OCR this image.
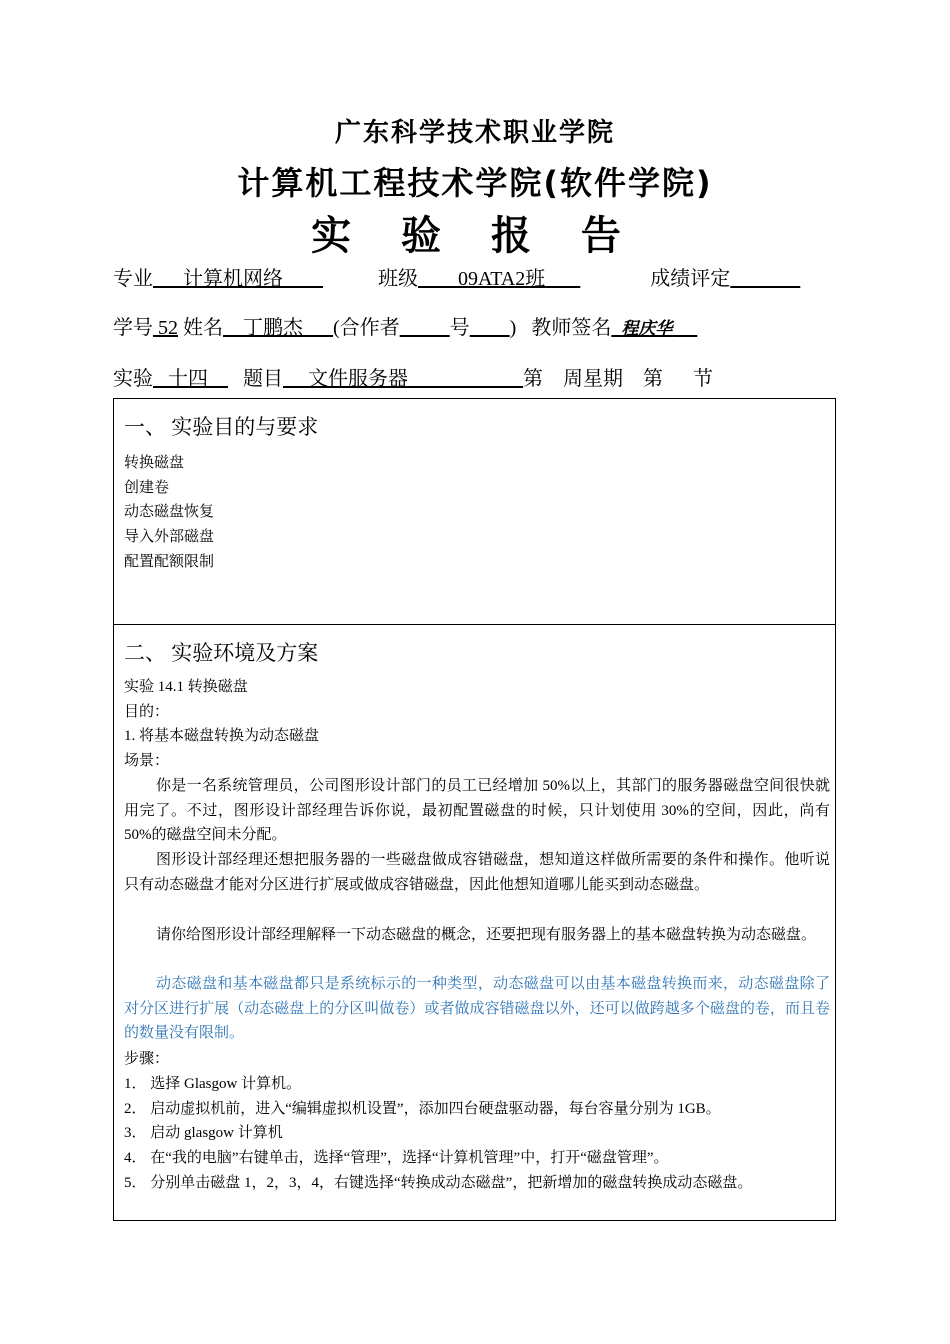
广东科学技术职业学院
计算机工程技术学院(软件学院)
实 验 报 告
专业 计算机网络	班级 09ATA2班	成绩评定
学号 52 姓名 丁鹏杰 (合作者	号 ) 教师签名 程庆华
实验 十四 题目 文件服务器	第 周星期 第 节
一、 实验目的与要求
转换磁盘
创建卷
动态磁盘恢复
导入外部磁盘
配置配额限制
二、 实验环境及方案
实验 14.1 转换磁盘
目的：
1. 将基本磁盘转换为动态磁盘
场景：
你是一名系统管理员，公司图形设计部门的员工已经增加 50%以上，其部门的服务器磁盘空间很快就用完了。不过，图形设计部经理告诉你说，最初配置磁盘的时候，只计划使用 30%的空间，因此，尚有 50%的磁盘空间未分配。
图形设计部经理还想把服务器的一些磁盘做成容错磁盘，想知道这样做所需要的条件和操作。他听说只有动态磁盘才能对分区进行扩展或做成容错磁盘，因此他想知道哪儿能买到动态磁盘。
请你给图形设计部经理解释一下动态磁盘的概念，还要把现有服务器上的基本磁盘转换为动态磁盘。
动态磁盘和基本磁盘都只是系统标示的一种类型，动态磁盘可以由基本磁盘转换而来，动态磁盘除了对分区进行扩展（动态磁盘上的分区叫做卷）或者做成容错磁盘以外，还可以做跨越多个磁盘的卷，而且卷的数量没有限制。
步骤：
1． 选择 Glasgow 计算机。
2． 启动虚拟机前，进入“编辑虚拟机设置”，添加四台硬盘驱动器，每台容量分别为 1GB。
3． 启动 glasgow 计算机
4． 在“我的电脑”右键单击，选择“管理”，选择“计算机管理”中，打开“磁盘管理”。
5． 分别单击磁盘 1，2，3，4，右键选择“转换成动态磁盘”，把新增加的磁盘转换成动态磁盘。
